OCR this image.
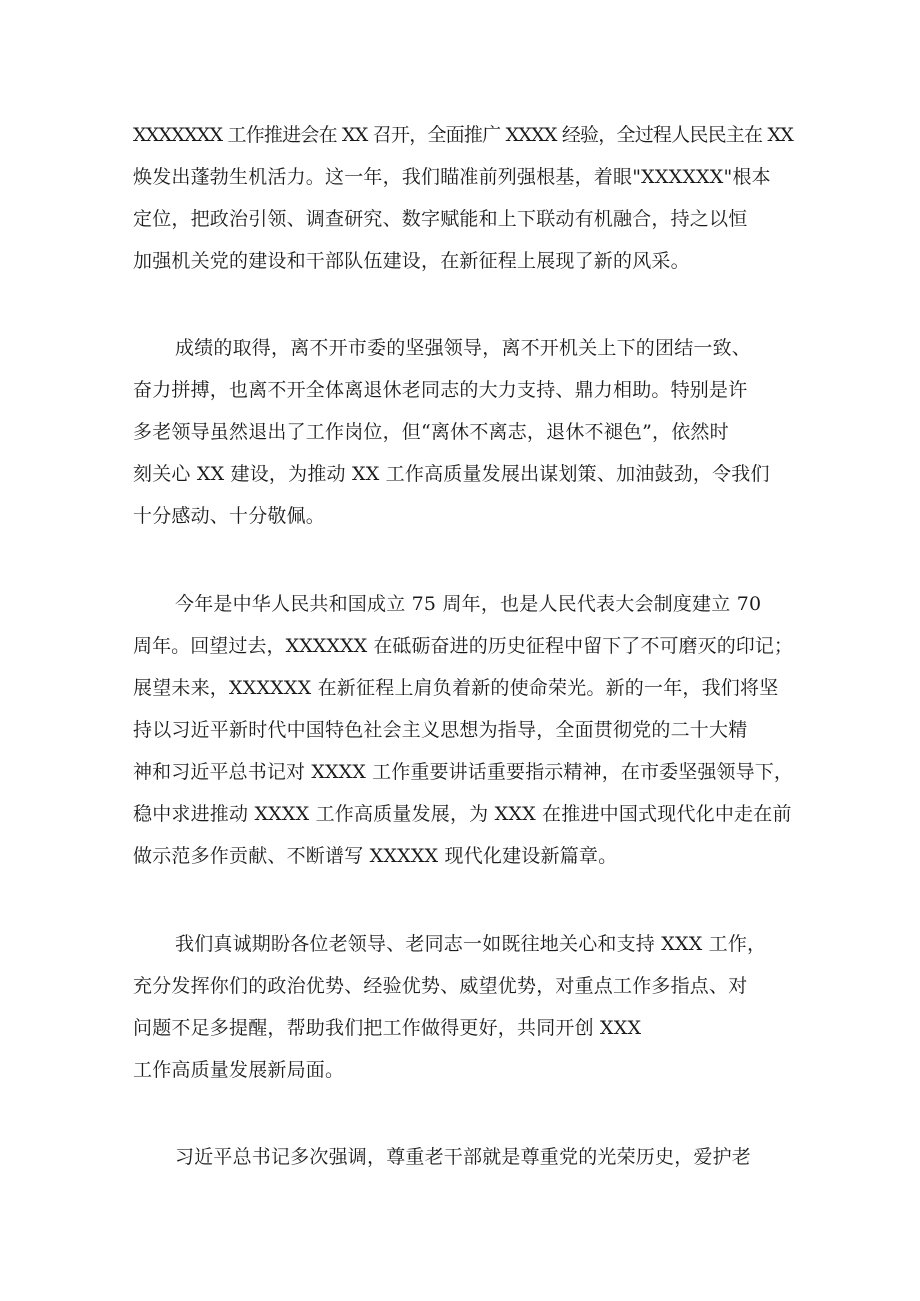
XXXXXXX 工作推进会在 XX 召开，全面推广 XXXX 经验，全过程人民民主在 XX
焕发出蓬勃生机活力。这一年，我们瞄准前列强根基，着眼"XXXXXX"根本
定位，把政治引领、调查研究、数字赋能和上下联动有机融合，持之以恒
加强机关党的建设和干部队伍建设，在新征程上展现了新的风采。
成绩的取得，离不开市委的坚强领导，离不开机关上下的团结一致、
奋力拼搏，也离不开全体离退休老同志的大力支持、鼎力相助。特别是许
多老领导虽然退出了工作岗位，但“离休不离志，退休不褪色”，依然时
刻关心 XX 建设，为推动 XX 工作高质量发展出谋划策、加油鼓劲，令我们
十分感动、十分敬佩。
今年是中华人民共和国成立 75 周年，也是人民代表大会制度建立 70
周年。回望过去，XXXXXX 在砥砺奋进的历史征程中留下了不可磨灭的印记；
展望未来，XXXXXX 在新征程上肩负着新的使命荣光。新的一年，我们将坚
持以习近平新时代中国特色社会主义思想为指导，全面贯彻党的二十大精
神和习近平总书记对 XXXX 工作重要讲话重要指示精神，在市委坚强领导下，
稳中求进推动 XXXX 工作高质量发展，为 XXX 在推进中国式现代化中走在前
做示范多作贡献、不断谱写 XXXXX 现代化建设新篇章。
我们真诚期盼各位老领导、老同志一如既往地关心和支持 XXX 工作，
充分发挥你们的政治优势、经验优势、威望优势，对重点工作多指点、对
问题不足多提醒，帮助我们把工作做得更好，共同开创 XXX
工作高质量发展新局面。
习近平总书记多次强调，尊重老干部就是尊重党的光荣历史，爱护老
